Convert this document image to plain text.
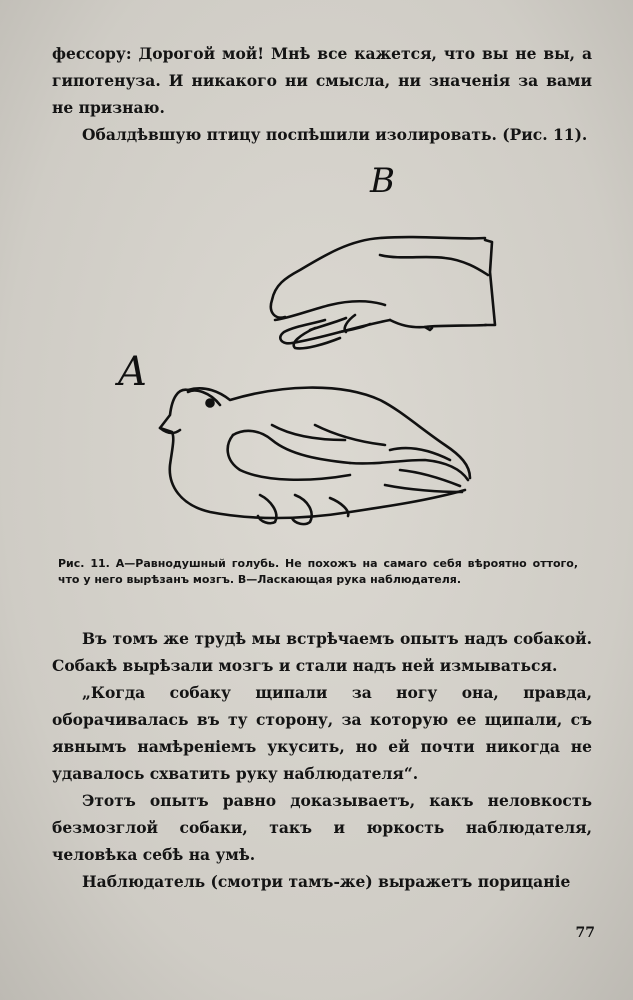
фессору: Дорогой мой! Мнѣ все кажется, что вы не вы, а гипотенуза. И никакого ни смысла, ни значенія за вами не признаю.

Обалдѣвшую птицу поспѣшили изолировать. (Рис. 11).

В
A
Рис. 11. А—Равнодушный голубь. Не похожъ на самаго себя вѣроятно оттого, что у него вырѣзанъ мозгъ. В—Ласкающая рука наблюдателя.

Въ томъ же трудѣ мы встрѣчаемъ опытъ надъ собакой. Собакѣ вырѣзали мозгъ и стали надъ ней измываться.

„Когда собаку щипали за ногу она, правда, оборачивалась въ ту сторону, за которую ее щипали, съ явнымъ намѣреніемъ укусить, но ей почти никогда не удавалось схватить руку наблюдателя“.

Этотъ опытъ равно доказываетъ, какъ неловкость безмозглой собаки, такъ и юркость наблюдателя, человѣка себѣ на умѣ.

Наблюдатель (смотри тамъ-же) выражетъ порицаніе

77
